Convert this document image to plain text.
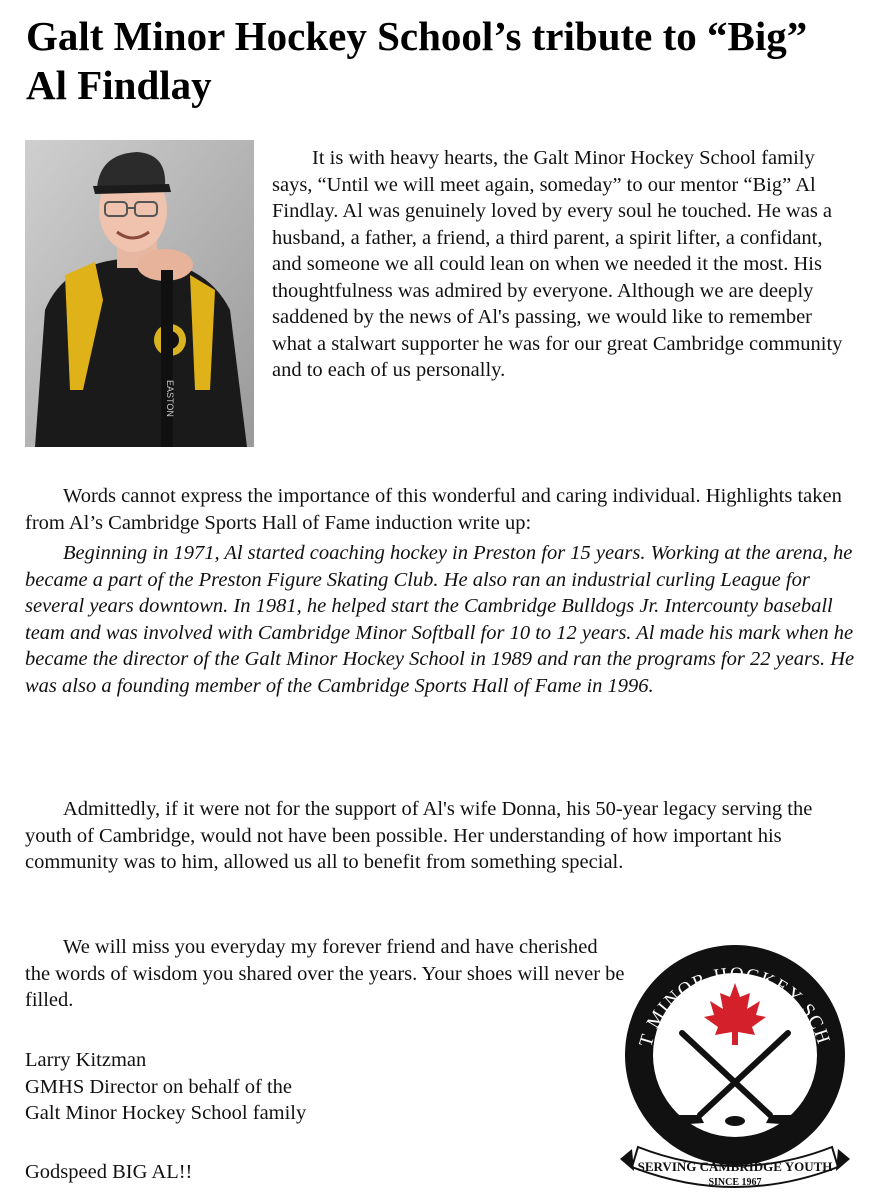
Galt Minor Hockey School’s tribute to “Big” Al Findlay
EASTON

It is with heavy hearts, the Galt Minor Hockey School family says, “Until we will meet again, someday” to our mentor “Big” Al Findlay. Al was genuinely loved by every soul he touched. He was a husband, a father, a friend, a third parent, a spirit lifter, a confidant, and someone we all could lean on when we needed it the most. His thoughtfulness was admired by everyone. Although we are deeply saddened by the news of Al's passing, we would like to remember what a stalwart supporter he was for our great Cambridge community and to each of us personally.

Words cannot express the importance of this wonderful and caring individual. Highlights taken from Al’s Cambridge Sports Hall of Fame induction write up:

Beginning in 1971, Al started coaching hockey in Preston for 15 years. Working at the arena, he became a part of the Preston Figure Skating Club. He also ran an industrial curling League for several years downtown. In 1981, he helped start the Cambridge Bulldogs Jr. Intercounty baseball team and was involved with Cambridge Minor Softball for 10 to 12 years. Al made his mark when he became the director of the Galt Minor Hockey School in 1989 and ran the programs for 22 years. He was also a founding member of the Cambridge Sports Hall of Fame in 1996.

Admittedly, if it were not for the support of Al's wife Donna, his 50-year legacy serving the youth of Cambridge, would not have been possible. Her understanding of how important his community was to him, allowed us all to benefit from something special.

We will miss you everyday my forever friend and have cherished the words of wisdom you shared over the years. Your shoes will never be filled.

Larry Kitzman
GMHS Director on behalf of the
Galt Minor Hockey School family
Godspeed BIG AL!!
T MINOR HOCKEY SCH
SERVING CAMBRIDGE YOUTH
SINCE 1967
